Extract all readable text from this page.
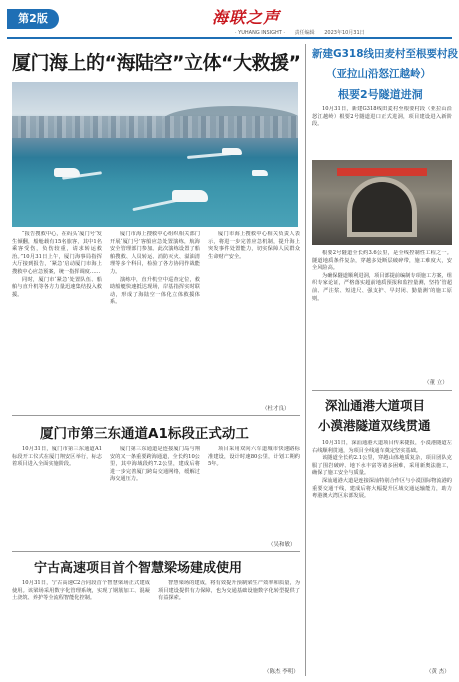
第2版	海联之声
· YUHANG INSIGHT · 责任编辑 2023年10月31日
厦门海上的“海陆空”立体“大救援”

“报告搜救中心，在码头‘厦门号’发生倾翻，船舱载有15名旅客，其中1名乘客受伤，负伤较重，请求转运救治。”10月31日上午，厦门海事局指挥大厅接到报告，‘紧急’启动厦门市海上搜救中心应急预案，统一指挥调度……

同时，厦门市‘紧急’处置队伍、船舶与直升机等各方力量迅速集结投入救援。

厦门市海上搜救中心组织相关部门开展‘厦门号’客船应急处置演练，航海安全管理部门参加。此次演练设置了船舶搜救、人员转运、消防灭火、溢油清理等多个科目，检验了各方协同作战能力。

演练中，直升机空中巡查定位，救助船艇快速抵达现场，岸基指挥实时联动，形成了海陆空一体化立体救援体系。

厦门市海上搜救中心相关负责人表示，将进一步完善应急机制，提升海上突发事件处置能力，切实保障人民群众生命财产安全。

（杜才良）
厦门市第三东通道A1标段正式动工

10月31日，厦门市第三东通道A1标段开工仪式在厦门翔安区举行，标志着项目进入全面实施阶段。

厦门第三东通道是连接厦门岛与翔安的又一条重要跨海通道，全长约10公里，其中海域段约7.2公里，建成后将进一步完善厦门跨岛交通网络，缓解过海交通压力。

项目采用双向六车道城市快速路标准建设，设计时速80公里，计划工期约5年。

（吴和敏）
宁古高速项目首个智慧梁场建成使用

10月31日，宁古高速C2合同段首个智慧梁场正式建成使用。该梁场采用数字化管理系统，实现了钢筋加工、混凝土浇筑、养护等全流程智能化控制。

智慧梁场的建成，将有效提升预制梁生产效率和质量，为项目建设提供有力保障，也为交通基础设施数字化转型提供了有益探索。

（陈杰 李明）
新建G318线田麦村至根要村段
（亚拉山沿怒江越岭）
根要2号隧道进洞

10月31日，新建G318线田麦村至根要村段（亚拉山沿怒江越岭）根要2号隧道进口正式进洞，项目建设进入新阶段。

根要2号隧道全长约3.6公里，是全线控制性工程之一。隧道地质条件复杂，穿越多处断层破碎带，施工难度大，安全风险高。

为确保隧道顺利进洞，项目部提前编制专项施工方案，组织专家论证，严格落实超前地质预报和监控量测，坚持‘管超前、严注浆、短进尺、强支护、早封闭、勤量测’的施工原则。

（董 立）
深汕通港大道项目
小漠港隧道双线贯通

10月31日，深汕通港大道项目传来捷报，小漠港隧道左右线顺利贯通，为项目全线通车奠定坚实基础。

该隧道全长约2.1公里，穿越山体地质复杂，项目团队克服了围岩破碎、地下水丰富等诸多困难，采用新奥法施工，确保了施工安全与质量。

深汕通港大道是连接深汕特别合作区与小漠国际物流港的重要交通干线，建成后将大幅提升区域交通运输能力，助力粤港澳大湾区东部发展。

（黄 杰）
